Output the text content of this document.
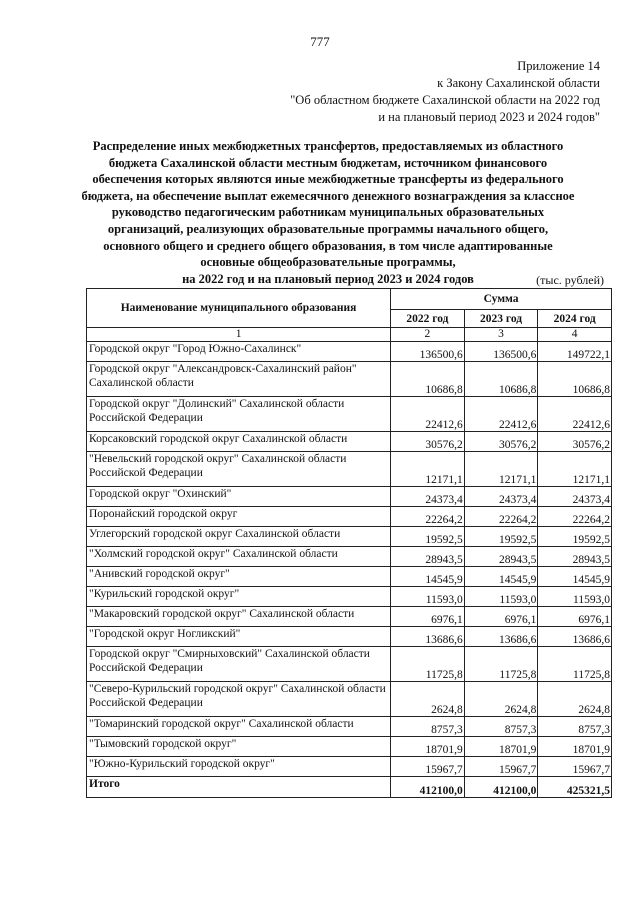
777
Приложение 14
к Закону Сахалинской области
"Об областном бюджете Сахалинской области на 2022 год
и на плановый период 2023 и 2024 годов"
Распределение иных межбюджетных трансфертов, предоставляемых из областного
бюджета Сахалинской области местным бюджетам, источником финансового
обеспечения которых являются иные межбюджетные трансферты из федерального
бюджета, на обеспечение выплат ежемесячного денежного вознаграждения за классное
руководство педагогическим работникам муниципальных образовательных
организаций, реализующих образовательные программы начального общего,
основного общего и среднего общего образования, в том числе адаптированные
основные общеобразовательные программы,
на 2022 год и на плановый период 2023 и 2024 годов	(тыс. рублей)
Наименование муниципального образования	Сумма		
	2022 год	2023 год	2024 год
1	2	3	4
Городской округ "Город Южно-Сахалинск"	136500,6	136500,6	149722,1
Городской округ "Александровск-Сахалинский район" Сахалинской области	10686,8	10686,8	10686,8
Городской округ "Долинский" Сахалинской области Российской Федерации	22412,6	22412,6	22412,6
Корсаковский городской округ Сахалинской области	30576,2	30576,2	30576,2
"Невельский городской округ" Сахалинской области Российской Федерации	12171,1	12171,1	12171,1
Городской округ "Охинский"	24373,4	24373,4	24373,4
Поронайский городской округ	22264,2	22264,2	22264,2
Углегорский городской округ Сахалинской области	19592,5	19592,5	19592,5
"Холмский городской округ" Сахалинской области	28943,5	28943,5	28943,5
"Анивский городской округ"	14545,9	14545,9	14545,9
"Курильский городской округ"	11593,0	11593,0	11593,0
"Макаровский городской округ" Сахалинской области	6976,1	6976,1	6976,1
"Городской округ Ногликский"	13686,6	13686,6	13686,6
Городской округ "Смирныховский" Сахалинской области Российской Федерации	11725,8	11725,8	11725,8
"Северо-Курильский городской округ" Сахалинской области Российской Федерации	2624,8	2624,8	2624,8
"Томаринский городской округ" Сахалинской области	8757,3	8757,3	8757,3
"Тымовский городской округ"	18701,9	18701,9	18701,9
"Южно-Курильский городской округ"	15967,7	15967,7	15967,7
Итого	412100,0	412100,0	425321,5
